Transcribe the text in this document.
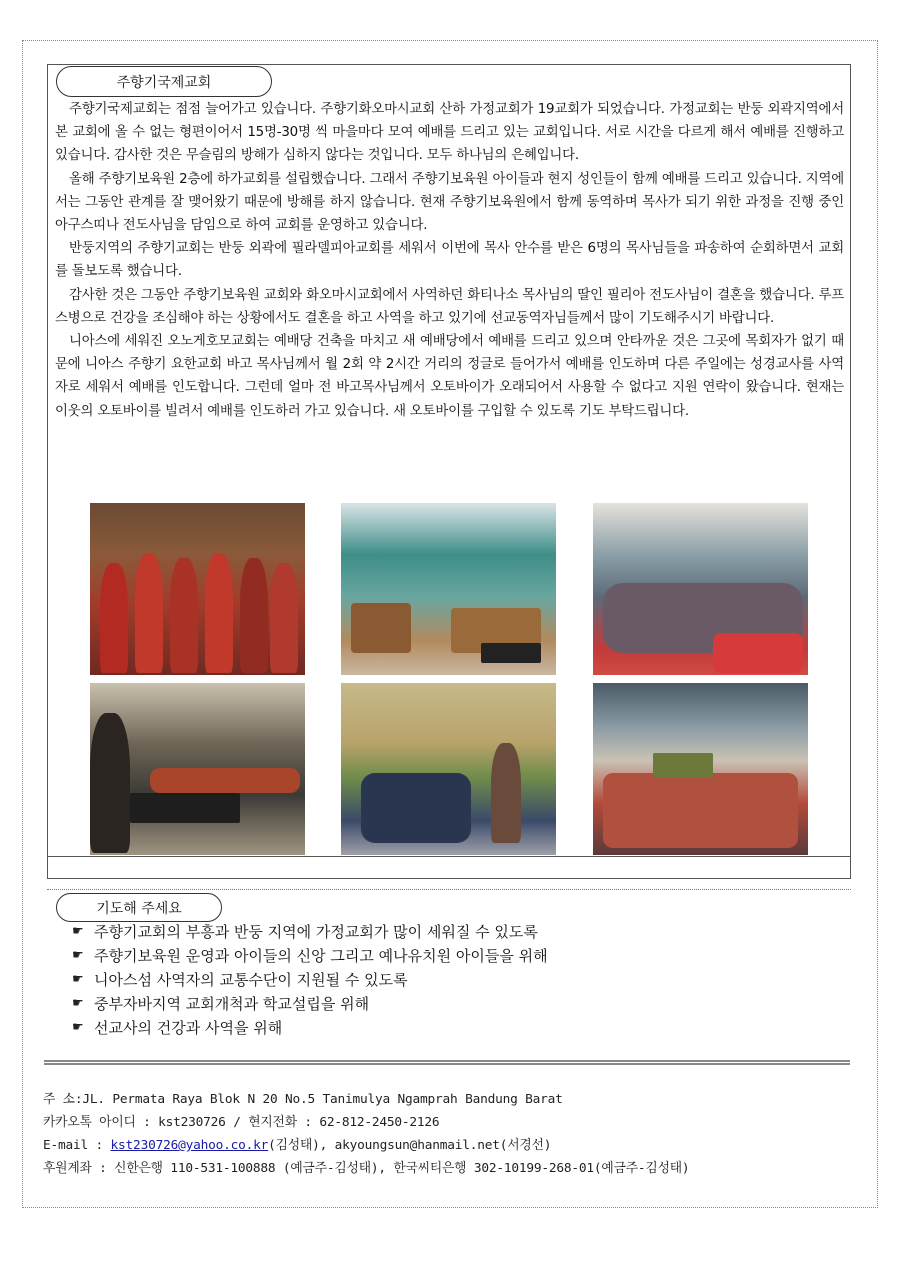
주향기국제교회

주향기국제교회는 점점 늘어가고 있습니다. 주향기화오마시교회 산하 가정교회가 19교회가 되었습니다. 가정교회는 반둥 외곽지역에서 본 교회에 올 수 없는 형편이어서 15명-30명 씩 마을마다 모여 예배를 드리고 있는 교회입니다. 서로 시간을 다르게 해서 예배를 진행하고 있습니다. 감사한 것은 무슬림의 방해가 심하지 않다는 것입니다. 모두 하나님의 은혜입니다.

올해 주향기보육원 2층에 하가교회를 설립했습니다. 그래서 주향기보육원 아이들과 현지 성인들이 함께 예배를 드리고 있습니다. 지역에서는 그동안 관계를 잘 맺어왔기 때문에 방해를 하지 않습니다. 현재 주향기보육원에서 함께 동역하며 목사가 되기 위한 과정을 진행 중인 아구스띠나 전도사님을 담임으로 하여 교회를 운영하고 있습니다.

반둥지역의 주향기교회는 반둥 외곽에 필라델피아교회를 세워서 이번에 목사 안수를 받은 6명의 목사님들을 파송하여 순회하면서 교회를 돌보도록 했습니다.

감사한 것은 그동안 주향기보육원 교회와 화오마시교회에서 사역하던 화티나소 목사님의 딸인 필리아 전도사님이 결혼을 했습니다. 루프스병으로 건강을 조심해야 하는 상황에서도 결혼을 하고 사역을 하고 있기에 선교동역자님들께서 많이 기도해주시기 바랍니다.

니아스에 세워진 오노게호모교회는 예배당 건축을 마치고 새 예배당에서 예배를 드리고 있으며 안타까운 것은 그곳에 목회자가 없기 때문에 니아스 주향기 요한교회 바고 목사님께서 월 2회 약 2시간 거리의 정글로 들어가서 예배를 인도하며 다른 주일에는 성경교사를 사역자로 세워서 예배를 인도합니다. 그런데 얼마 전 바고목사님께서 오토바이가 오래되어서 사용할 수 없다고 지원 연락이 왔습니다. 현재는 이웃의 오토바이를 빌려서 예배를 인도하러 가고 있습니다. 새 오토바이를 구입할 수 있도록 기도 부탁드립니다.

기도해 주세요
☛ 주향기교회의 부흥과 반둥 지역에 가정교회가 많이 세워질 수 있도록
☛ 주향기보육원 운영과 아이들의 신앙 그리고 예나유치원 아이들을 위해
☛ 니아스섬 사역자의 교통수단이 지원될 수 있도록
☛ 중부자바지역 교회개척과 학교설립을 위해
☛ 선교사의 건강과 사역을 위해
주 소:JL. Permata Raya Blok N 20 No.5 Tanimulya Ngamprah Bandung Barat
카카오톡 아이디 : kst230726 / 현지전화 : 62-812-2450-2126
E-mail : kst230726@yahoo.co.kr(김성태), akyoungsun@hanmail.net(서경선)
후원계좌 : 신한은행 110-531-100888 (예금주-김성태), 한국씨티은행 302-10199-268-01(예금주-김성태)
